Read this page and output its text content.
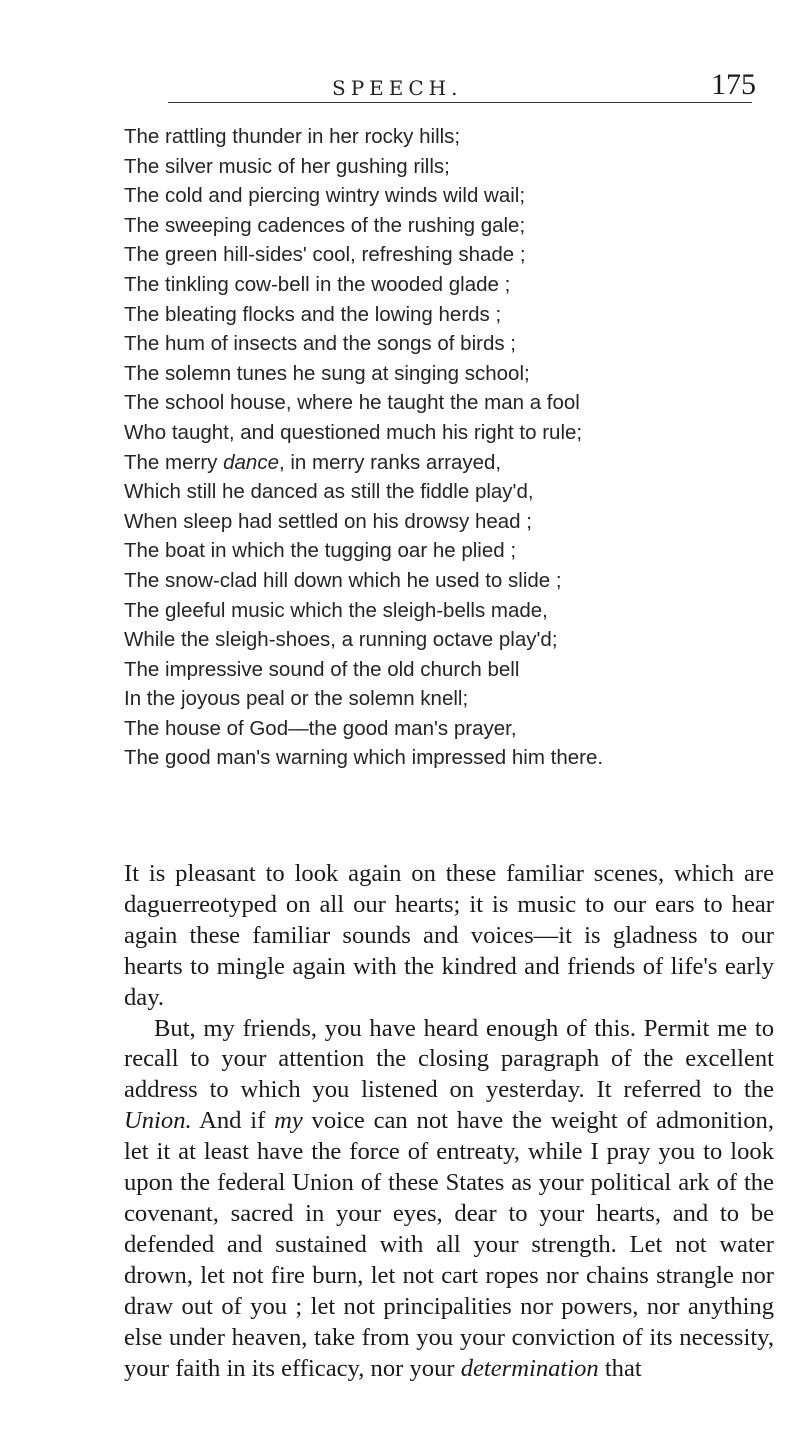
SPEECH.	175
The rattling thunder in her rocky hills;
The silver music of her gushing rills;
The cold and piercing wintry winds wild wail;
The sweeping cadences of the rushing gale;
The green hill-sides' cool, refreshing shade ;
The tinkling cow-bell in the wooded glade ;
The bleating flocks and the lowing herds ;
The hum of insects and the songs of birds ;
The solemn tunes he sung at singing school;
The school house, where he taught the man a fool
Who taught, and questioned much his right to rule;
The merry dance, in merry ranks arrayed,
Which still he danced as still the fiddle play'd,
When sleep had settled on his drowsy head ;
The boat in which the tugging oar he plied ;
The snow-clad hill down which he used to slide ;
The gleeful music which the sleigh-bells made,
While the sleigh-shoes, a running octave play'd;
The impressive sound of the old church bell
In the joyous peal or the solemn knell;
The house of God—the good man's prayer,
The good man's warning which impressed him there.

It is pleasant to look again on these familiar scenes, which are daguerreotyped on all our hearts; it is music to our ears to hear again these familiar sounds and voices—it is gladness to our hearts to mingle again with the kindred and friends of life's early day.

But, my friends, you have heard enough of this. Permit me to recall to your attention the closing paragraph of the excellent address to which you listened on yesterday. It referred to the Union. And if my voice can not have the weight of admonition, let it at least have the force of entreaty, while I pray you to look upon the federal Union of these States as your political ark of the covenant, sacred in your eyes, dear to your hearts, and to be defended and sustained with all your strength. Let not water drown, let not fire burn, let not cart ropes nor chains strangle nor draw out of you ; let not principalities nor powers, nor anything else under heaven, take from you your conviction of its necessity, your faith in its efficacy, nor your determination that
